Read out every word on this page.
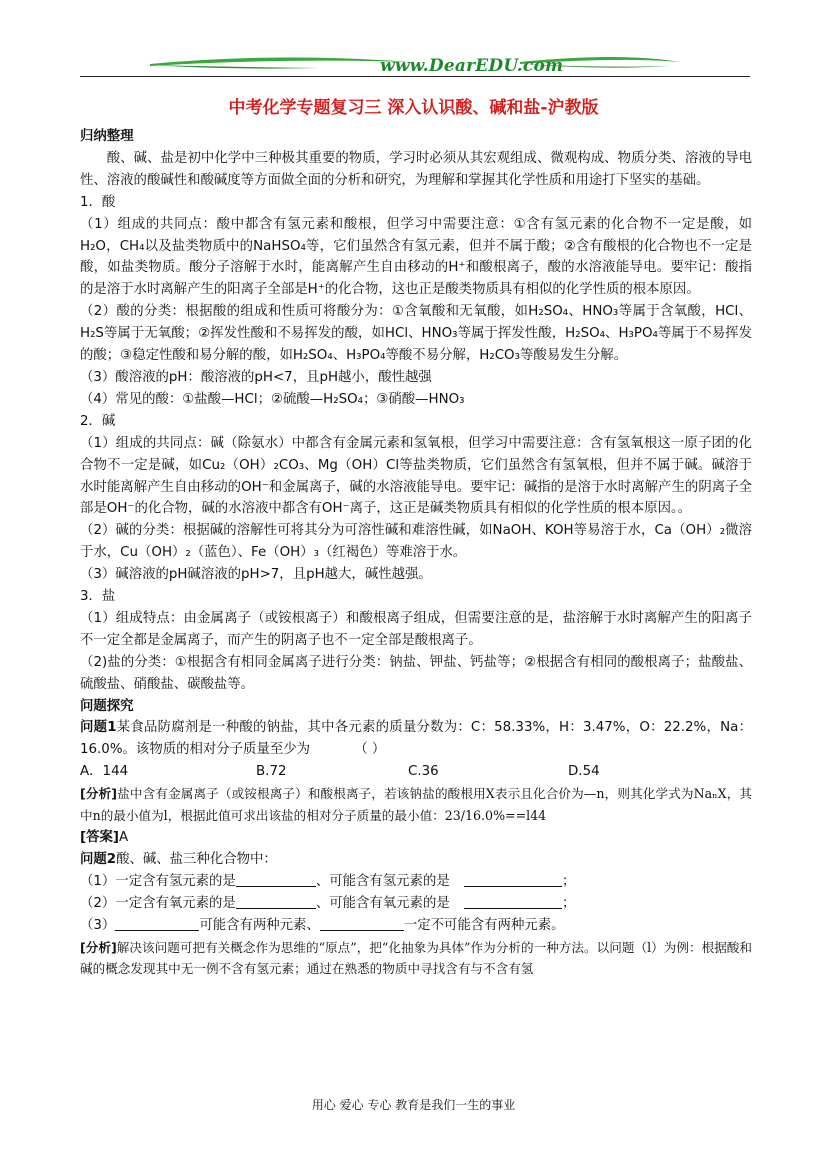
www.DearEDU.com
中考化学专题复习三 深入认识酸、碱和盐-沪教版

归纳整理

酸、碱、盐是初中化学中三种极其重要的物质，学习时必须从其宏观组成、微观构成、物质分类、溶液的导电性、溶液的酸碱性和酸碱度等方面做全面的分析和研究，为理解和掌握其化学性质和用途打下坚实的基础。

1．酸

（1）组成的共同点：酸中都含有氢元素和酸根，但学习中需要注意：①含有氢元素的化合物不一定是酸，如H₂O，CH₄以及盐类物质中的NaHSO₄等，它们虽然含有氢元素，但并不属于酸；②含有酸根的化合物也不一定是酸，如盐类物质。酸分子溶解于水时，能离解产生自由移动的H⁺和酸根离子，酸的水溶液能导电。要牢记：酸指的是溶于水时离解产生的阳离子全部是H⁺的化合物，这也正是酸类物质具有相似的化学性质的根本原因。

（2）酸的分类：根据酸的组成和性质可将酸分为：①含氧酸和无氧酸，如H₂SO₄、HNO₃等属于含氧酸，HCl、H₂S等属于无氧酸；②挥发性酸和不易挥发的酸，如HCl、HNO₃等属于挥发性酸，H₂SO₄、H₃PO₄等属于不易挥发的酸；③稳定性酸和易分解的酸，如H₂SO₄、H₃PO₄等酸不易分解，H₂CO₃等酸易发生分解。

（3）酸溶液的pH：酸溶液的pH<7，且pH越小，酸性越强

（4）常见的酸：①盐酸—HCl；②硫酸—H₂SO₄；③硝酸—HNO₃

2．碱

（1）组成的共同点：碱（除氨水）中都含有金属元素和氢氧根，但学习中需要注意：含有氢氧根这一原子团的化合物不一定是碱，如Cu₂（OH）₂CO₃、Mg（OH）Cl等盐类物质，它们虽然含有氢氧根，但并不属于碱。碱溶于水时能离解产生自由移动的OH⁻和金属离子，碱的水溶液能导电。要牢记：碱指的是溶于水时离解产生的阴离子全部是OH⁻的化合物，碱的水溶液中都含有OH⁻离子，这正是碱类物质具有相似的化学性质的根本原因。。

（2）碱的分类：根据碱的溶解性可将其分为可溶性碱和难溶性碱，如NaOH、KOH等易溶于水，Ca（OH）₂微溶于水，Cu（OH）₂（蓝色）、Fe（OH）₃（红褐色）等难溶于水。

（3）碱溶液的pH碱溶液的pH>7，且pH越大，碱性越强。

3．盐

（1）组成特点：由金属离子（或铵根离子）和酸根离子组成，但需要注意的是，盐溶解于水时离解产生的阳离子不一定全都是金属离子，而产生的阴离子也不一定全部是酸根离子。

（2)盐的分类：①根据含有相同金属离子进行分类：钠盐、钾盐、钙盐等；②根据含有相同的酸根离子；盐酸盐、硫酸盐、硝酸盐、碳酸盐等。

问题探究

问题1某食品防腐剂是一种酸的钠盐，其中各元素的质量分数为：C：58.33%，H：3.47%，O：22.2%，Na：16.0%。该物质的相对分子质量至少为	（ ）

A．144	B.72	C.36	D.54

[分析]盐中含有金属离子（或铵根离子）和酸根离子，若该钠盐的酸根用X表示且化合价为—n，则其化学式为NaₙX，其中n的最小值为l，根据此值可求出该盐的相对分子质量的最小值：23/16.0%==l44

[答案]A

问题2酸、碱、盐三种化合物中：

（1）一定含有氢元素的是	、可能含有氢元素的是	；

（2）一定含有氧元素的是	、可能含有氧元素的是	；

（3）	可能含有两种元素、	一定不可能含有两种元素。

[分析]解决该问题可把有关概念作为思维的“原点”，把“化抽象为具体”作为分析的一种方法。以问题（l）为例：根据酸和碱的概念发现其中无一例不含有氢元素；通过在熟悉的物质中寻找含有与不含有氢

用心 爱心 专心 教育是我们一生的事业
